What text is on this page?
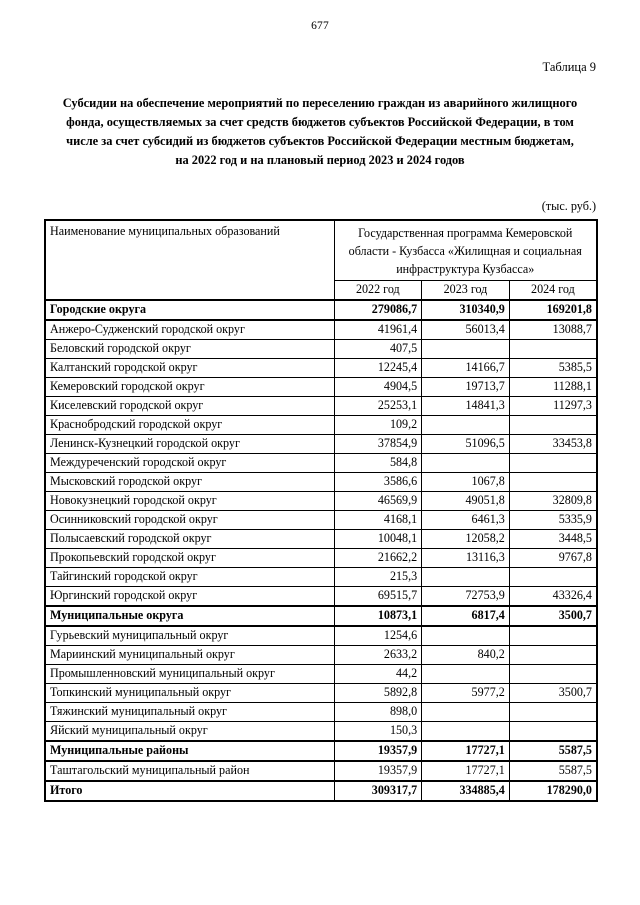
677
Таблица 9
Субсидии на обеспечение мероприятий по переселению граждан из аварийного жилищного фонда, осуществляемых за счет средств бюджетов субъектов Российской Федерации, в том числе за счет субсидий из бюджетов субъектов Российской Федерации местным бюджетам, на 2022 год и на плановый период 2023 и 2024 годов
(тыс. руб.)
Наименование муниципальных образований	Государственная программа Кемеровской области - Кузбасса «Жилищная и социальная инфраструктура Кузбасса»		
	2022 год	2023 год	2024 год
Городские округа	279086,7	310340,9	169201,8
Анжеро-Судженский городской округ	41961,4	56013,4	13088,7
Беловский городской округ	407,5		
Калтанский городской округ	12245,4	14166,7	5385,5
Кемеровский городской округ	4904,5	19713,7	11288,1
Киселевский городской округ	25253,1	14841,3	11297,3
Краснобродский городской округ	109,2		
Ленинск-Кузнецкий городской округ	37854,9	51096,5	33453,8
Междуреченский городской округ	584,8		
Мысковский городской округ	3586,6	1067,8	
Новокузнецкий городской округ	46569,9	49051,8	32809,8
Осинниковский городской округ	4168,1	6461,3	5335,9
Полысаевский городской округ	10048,1	12058,2	3448,5
Прокопьевский городской округ	21662,2	13116,3	9767,8
Тайгинский городской округ	215,3		
Юргинский городской округ	69515,7	72753,9	43326,4
Муниципальные округа	10873,1	6817,4	3500,7
Гурьевский муниципальный округ	1254,6		
Мариинский муниципальный округ	2633,2	840,2	
Промышленновский муниципальный округ	44,2		
Топкинский муниципальный округ	5892,8	5977,2	3500,7
Тяжинский муниципальный округ	898,0		
Яйский муниципальный округ	150,3		
Муниципальные районы	19357,9	17727,1	5587,5
Таштагольский муниципальный район	19357,9	17727,1	5587,5
Итого	309317,7	334885,4	178290,0
